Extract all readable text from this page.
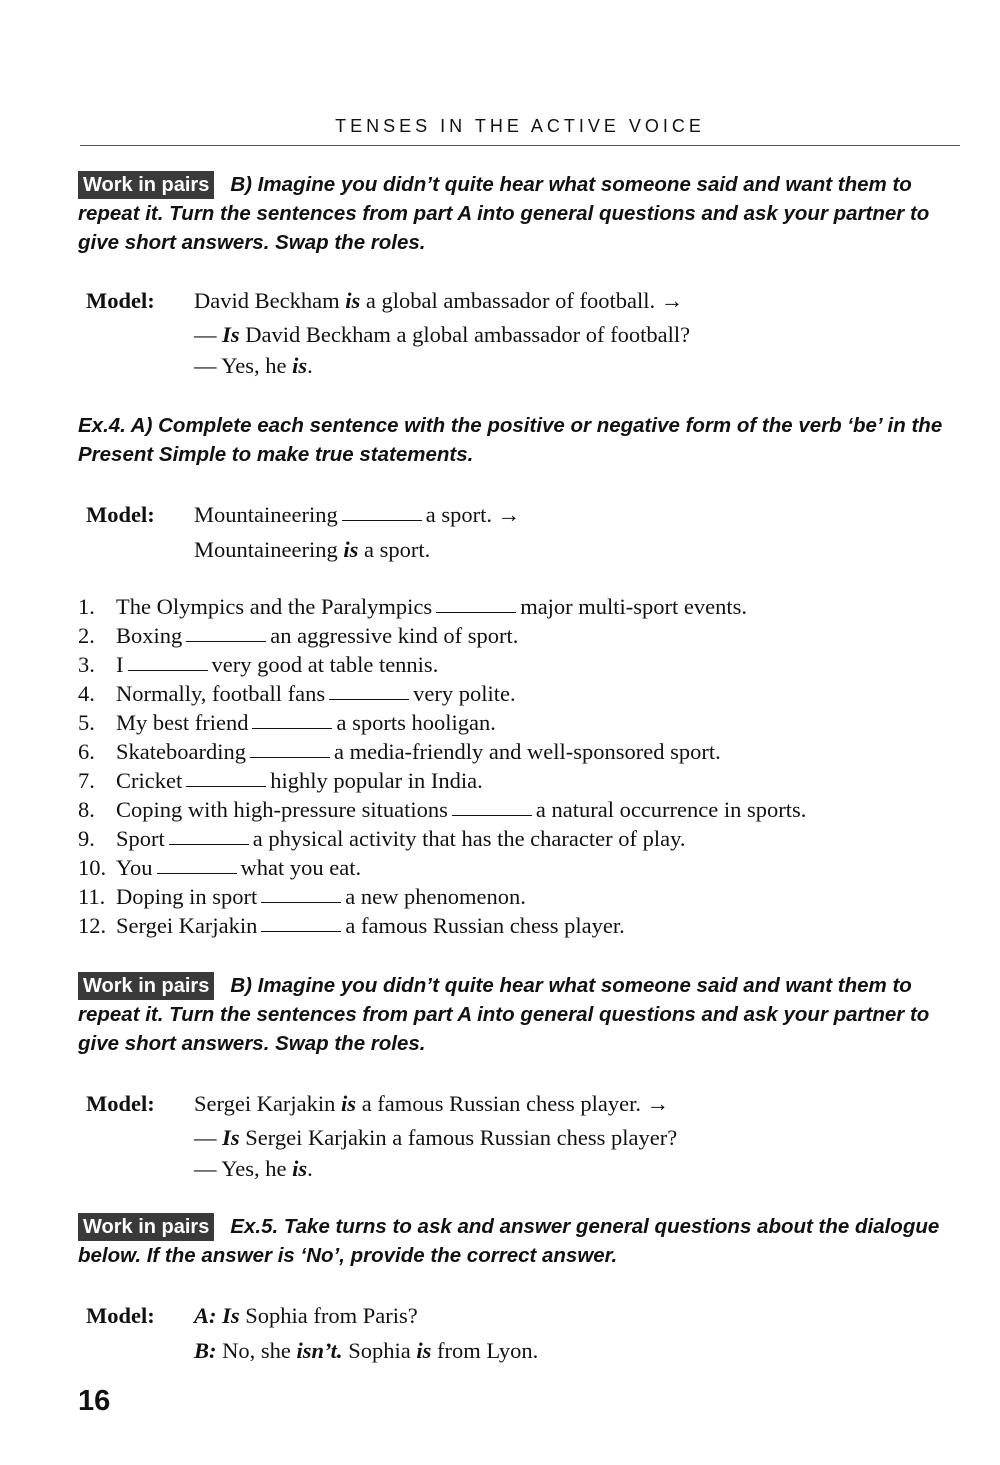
TENSES IN THE ACTIVE VOICE
Work in pairs B) Imagine you didn’t quite hear what someone said and want them to repeat it. Turn the sentences from part A into general questions and ask your partner to give short answers. Swap the roles.
Model: David Beckham is a global ambassador of football. →
— Is David Beckham a global ambassador of football?
— Yes, he is.
Ex.4. A) Complete each sentence with the positive or negative form of the verb ‘be’ in the Present Simple to make true statements.
Model: Mountaineering	a sport. →
Mountaineering is a sport.
1. The Olympics and the Paralympics	major multi-sport events.
2. Boxing	an aggressive kind of sport.
3. I	very good at table tennis.
4. Normally, football fans	very polite.
5. My best friend	a sports hooligan.
6. Skateboarding	a media-friendly and well-sponsored sport.
7. Cricket	highly popular in India.
8. Coping with high-pressure situations	a natural occurrence in sports.
9. Sport	a physical activity that has the character of play.
10. You	what you eat.
11. Doping in sport	a new phenomenon.
12. Sergei Karjakin	a famous Russian chess player.
Work in pairs B) Imagine you didn’t quite hear what someone said and want them to repeat it. Turn the sentences from part A into general questions and ask your partner to give short answers. Swap the roles.
Model: Sergei Karjakin is a famous Russian chess player. →
— Is Sergei Karjakin a famous Russian chess player?
— Yes, he is.
Work in pairs Ex.5. Take turns to ask and answer general questions about the dialogue below. If the answer is ‘No’, provide the correct answer.
Model: A: Is Sophia from Paris?
B: No, she isn’t. Sophia is from Lyon.
16
